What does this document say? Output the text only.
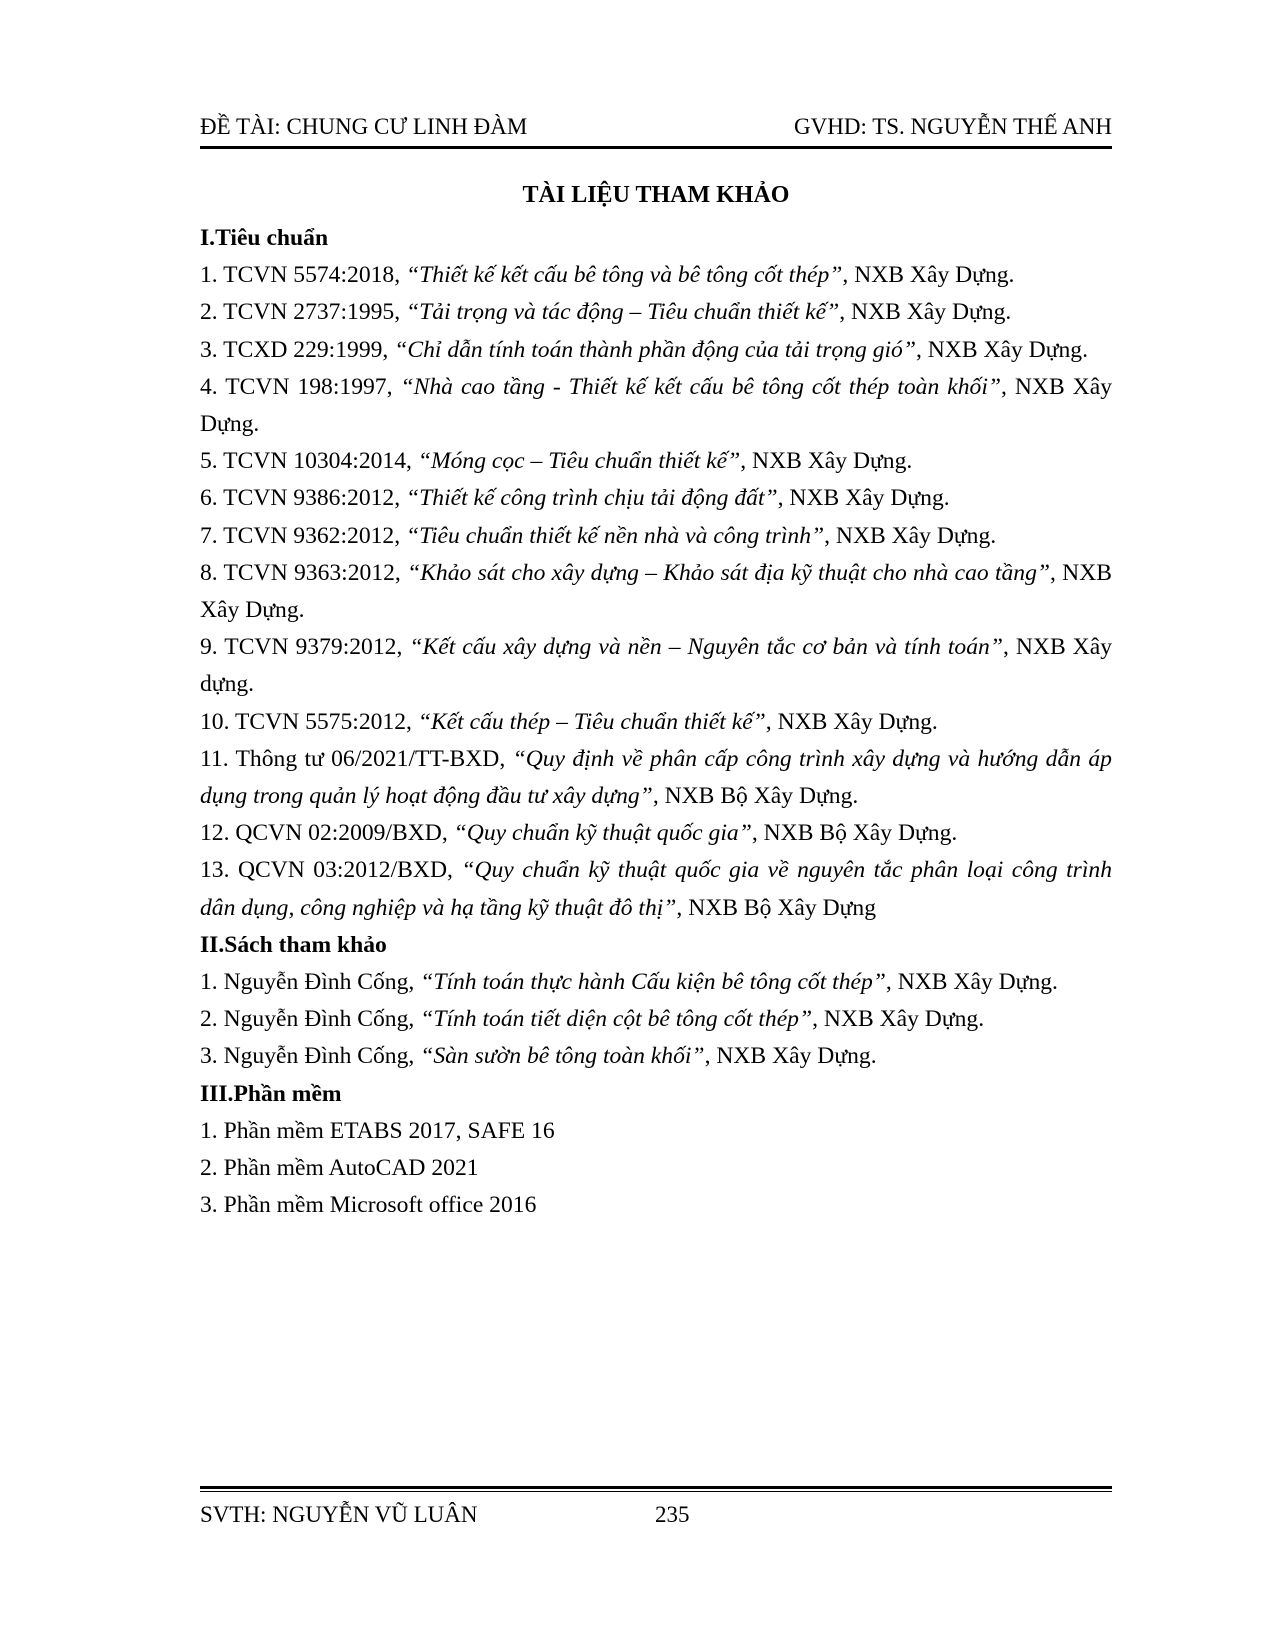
ĐỀ TÀI: CHUNG CƯ LINH ĐÀM	GVHD: TS. NGUYỄN THẾ ANH
TÀI LIỆU THAM KHẢO

I.Tiêu chuẩn

1. TCVN 5574:2018, “Thiết kế kết cấu bê tông và bê tông cốt thép”, NXB Xây Dựng.

2. TCVN 2737:1995, “Tải trọng và tác động – Tiêu chuẩn thiết kế”, NXB Xây Dựng.

3. TCXD 229:1999, “Chỉ dẫn tính toán thành phần động của tải trọng gió”, NXB Xây Dựng.

4. TCVN 198:1997, “Nhà cao tầng - Thiết kế kết cấu bê tông cốt thép toàn khối”, NXB Xây Dựng.

5. TCVN 10304:2014, “Móng cọc – Tiêu chuẩn thiết kế”, NXB Xây Dựng.

6. TCVN 9386:2012, “Thiết kế công trình chịu tải động đất”, NXB Xây Dựng.

7. TCVN 9362:2012, “Tiêu chuẩn thiết kế nền nhà và công trình”, NXB Xây Dựng.

8. TCVN 9363:2012, “Khảo sát cho xây dựng – Khảo sát địa kỹ thuật cho nhà cao tầng”, NXB Xây Dựng.

9. TCVN 9379:2012, “Kết cấu xây dựng và nền – Nguyên tắc cơ bản và tính toán”, NXB Xây dựng.

10. TCVN 5575:2012, “Kết cấu thép – Tiêu chuẩn thiết kế”, NXB Xây Dựng.

11. Thông tư 06/2021/TT-BXD, “Quy định về phân cấp công trình xây dựng và hướng dẫn áp dụng trong quản lý hoạt động đầu tư xây dựng”, NXB Bộ Xây Dựng.

12. QCVN 02:2009/BXD, “Quy chuẩn kỹ thuật quốc gia”, NXB Bộ Xây Dựng.

13. QCVN 03:2012/BXD, “Quy chuẩn kỹ thuật quốc gia về nguyên tắc phân loại công trình dân dụng, công nghiệp và hạ tầng kỹ thuật đô thị”, NXB Bộ Xây Dựng

II.Sách tham khảo

1. Nguyễn Đình Cống, “Tính toán thực hành Cấu kiện bê tông cốt thép”, NXB Xây Dựng.

2. Nguyễn Đình Cống, “Tính toán tiết diện cột bê tông cốt thép”, NXB Xây Dựng.

3. Nguyễn Đình Cống, “Sàn sườn bê tông toàn khối”, NXB Xây Dựng.

III.Phần mềm

1. Phần mềm ETABS 2017, SAFE 16

2. Phần mềm AutoCAD 2021

3. Phần mềm Microsoft office 2016

SVTH: NGUYỄN VŨ LUÂN	235
